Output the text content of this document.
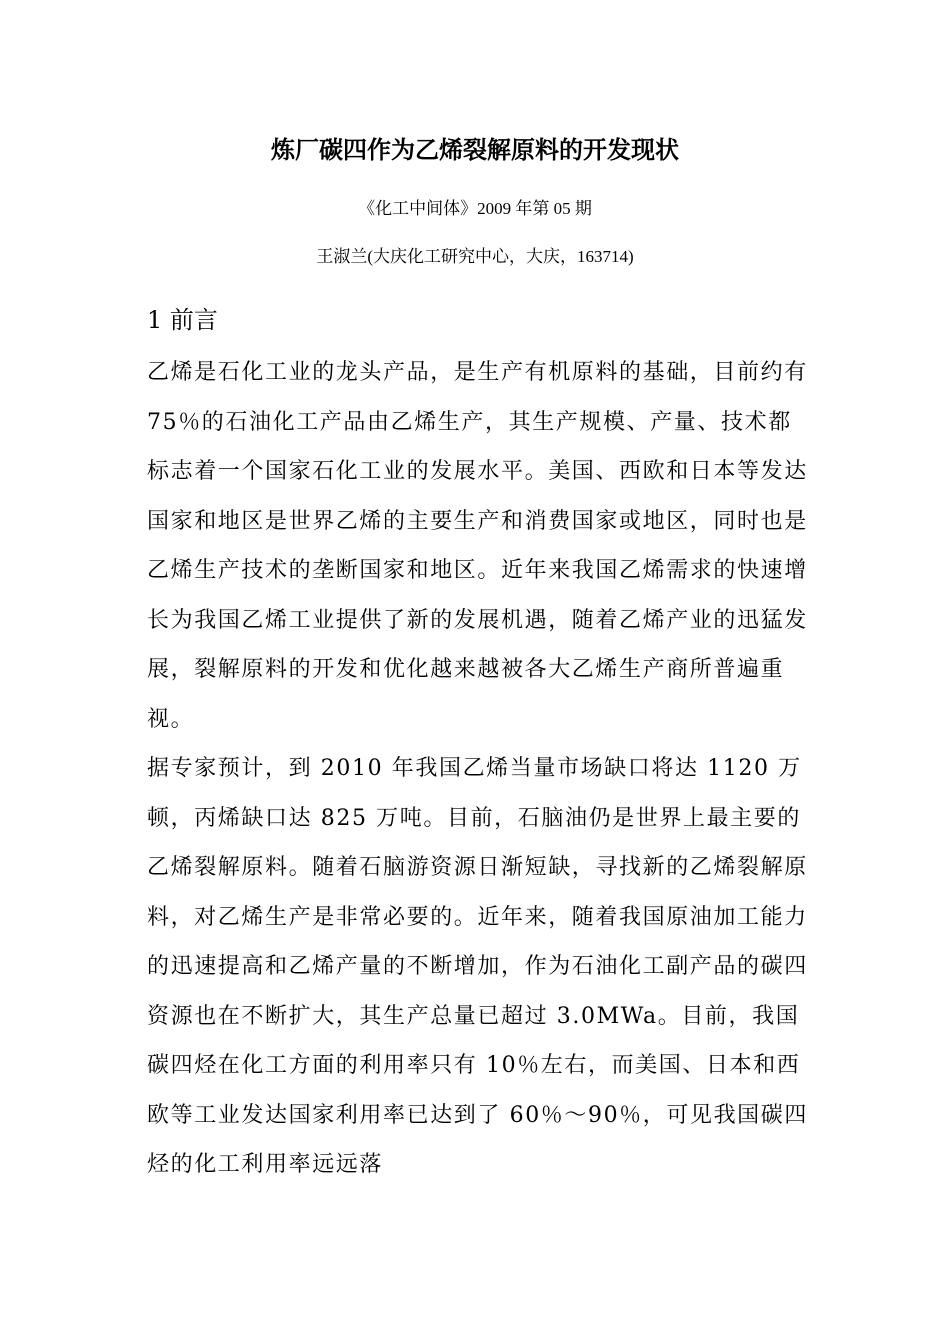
炼厂碳四作为乙烯裂解原料的开发现状
《化工中间体》2009 年第 05 期
王淑兰(大庆化工研究中心，大庆，163714)
1 前言

乙烯是石化工业的龙头产品，是生产有机原料的基础，目前约有 75％的石油化工产品由乙烯生产，其生产规模、产量、技术都标志着一个国家石化工业的发展水平。美国、西欧和日本等发达国家和地区是世界乙烯的主要生产和消费国家或地区，同时也是乙烯生产技术的垄断国家和地区。近年来我国乙烯需求的快速增长为我国乙烯工业提供了新的发展机遇，随着乙烯产业的迅猛发展，裂解原料的开发和优化越来越被各大乙烯生产商所普遍重视。

据专家预计，到 2010 年我国乙烯当量市场缺口将达 1120 万顿，丙烯缺口达 825 万吨。目前，石脑油仍是世界上最主要的乙烯裂解原料。随着石脑游资源日渐短缺，寻找新的乙烯裂解原料，对乙烯生产是非常必要的。近年来，随着我国原油加工能力的迅速提高和乙烯产量的不断增加，作为石油化工副产品的碳四资源也在不断扩大，其生产总量已超过 3.0MWa。目前，我国碳四烃在化工方面的利用率只有 10％左右，而美国、日本和西欧等工业发达国家利用率已达到了 60％～90％，可见我国碳四烃的化工利用率远远落
